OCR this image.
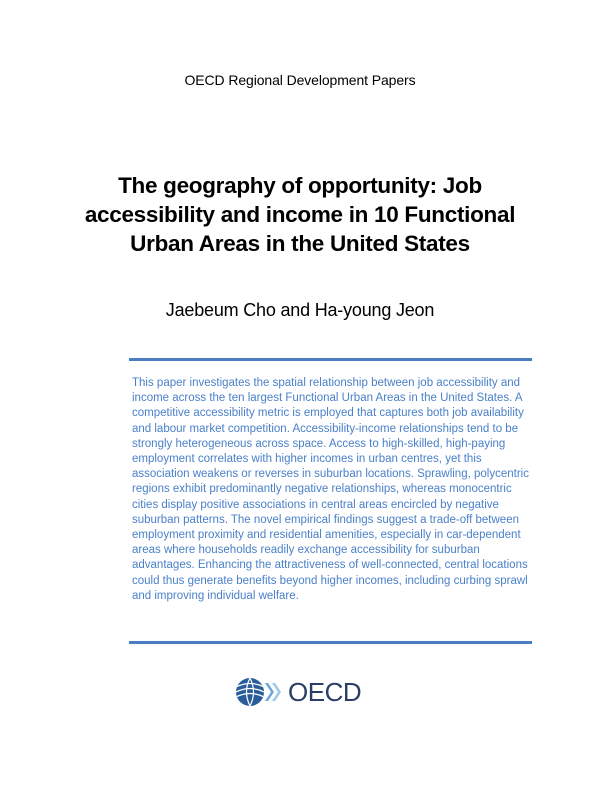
OECD Regional Development Papers
The geography of opportunity: Job accessibility and income in 10 Functional Urban Areas in the United States
Jaebeum Cho and Ha-young Jeon
This paper investigates the spatial relationship between job accessibility and income across the ten largest Functional Urban Areas in the United States. A competitive accessibility metric is employed that captures both job availability and labour market competition. Accessibility-income relationships tend to be strongly heterogeneous across space. Access to high-skilled, high-paying employment correlates with higher incomes in urban centres, yet this association weakens or reverses in suburban locations. Sprawling, polycentric regions exhibit predominantly negative relationships, whereas monocentric cities display positive associations in central areas encircled by negative suburban patterns. The novel empirical findings suggest a trade-off between employment proximity and residential amenities, especially in car-dependent areas where households readily exchange accessibility for suburban advantages. Enhancing the attractiveness of well-connected, central locations could thus generate benefits beyond higher incomes, including curbing sprawl and improving individual welfare.
OECD
